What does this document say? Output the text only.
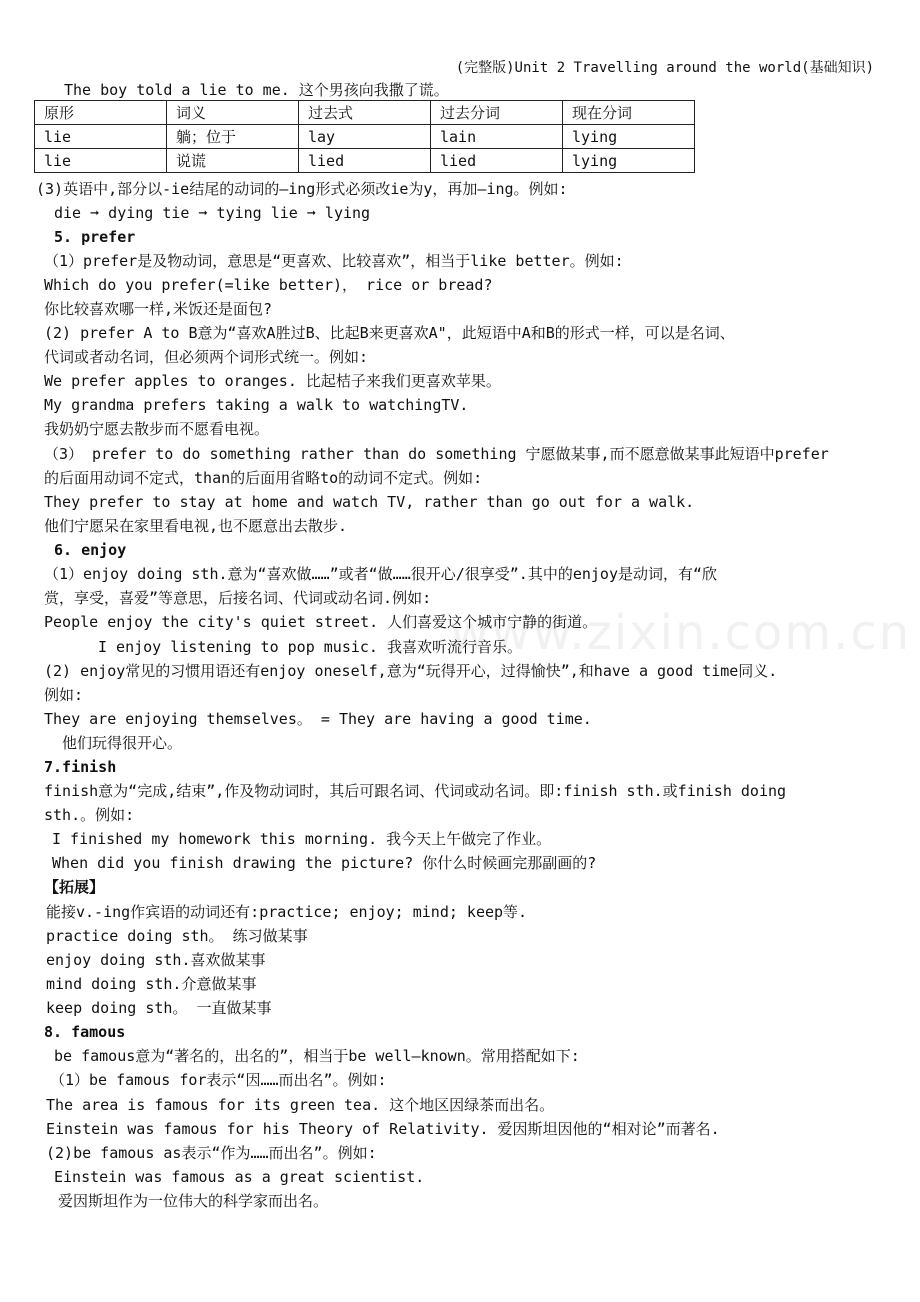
(完整版)Unit 2 Travelling around the world(基础知识)
www.zixin.com.cn
The boy told a lie to me. 这个男孩向我撒了谎。
原形	词义	过去式	过去分词	现在分词
lie	躺；位于	lay	lain	lying
lie	说谎	lied	lied	lying
(3)英语中,部分以-ie结尾的动词的—ing形式必须改ie为y，再加—ing。例如:
die ➞ dying tie ➞ tying lie ➞ lying
5. prefer
（1）prefer是及物动词，意思是“更喜欢、比较喜欢”，相当于like better。例如:
Which do you prefer(=like better)， rice or bread?
你比较喜欢哪一样,米饭还是面包?
(2) prefer A to B意为“喜欢A胜过B、比起B来更喜欢A"，此短语中A和B的形式一样，可以是名词、
代词或者动名词，但必须两个词形式统一。例如:
We prefer apples to oranges. 比起桔子来我们更喜欢苹果。
My grandma prefers taking a walk to watchingTV.
我奶奶宁愿去散步而不愿看电视。
（3） prefer to do something rather than do something 宁愿做某事,而不愿意做某事此短语中prefer
的后面用动词不定式，than的后面用省略to的动词不定式。例如:
They prefer to stay at home and watch TV, rather than go out for a walk.
他们宁愿呆在家里看电视,也不愿意出去散步.
6. enjoy
（1）enjoy doing sth.意为“喜欢做……”或者“做……很开心/很享受”.其中的enjoy是动词，有“欣
赏，享受，喜爱”等意思，后接名词、代词或动名词.例如:
People enjoy the city's quiet street. 人们喜爱这个城市宁静的街道。
I enjoy listening to pop music. 我喜欢听流行音乐。
(2) enjoy常见的习惯用语还有enjoy oneself,意为“玩得开心，过得愉快”,和have a good time同义.
例如:
They are enjoying themselves。 = They are having a good time.
他们玩得很开心。
7.finish
finish意为“完成,结束”,作及物动词时，其后可跟名词、代词或动名词。即:finish sth.或finish doing
sth.。例如:
I finished my homework this morning. 我今天上午做完了作业。
When did you finish drawing the picture? 你什么时候画完那副画的?
【拓展】
能接v.-ing作宾语的动词还有:practice; enjoy; mind; keep等.
practice doing sth。 练习做某事
enjoy doing sth.喜欢做某事
mind doing sth.介意做某事
keep doing sth。 一直做某事
8. famous
be famous意为“著名的，出名的”，相当于be well—known。常用搭配如下:
（1）be famous for表示“因……而出名”。例如:
The area is famous for its green tea. 这个地区因绿茶而出名。
Einstein was famous for his Theory of Relativity. 爱因斯坦因他的“相对论”而著名.
(2)be famous as表示“作为……而出名”。例如:
Einstein was famous as a great scientist.
爱因斯坦作为一位伟大的科学家而出名。
